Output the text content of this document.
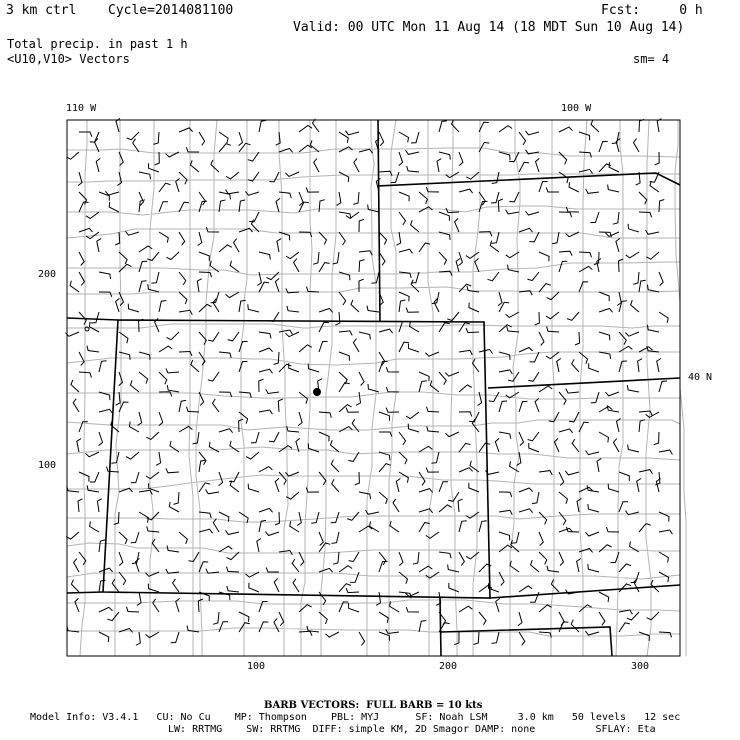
3 km ctrl Cycle=2014081100	Fcst:     0 h
Valid: 00 UTC Mon 11 Aug 14 (18 MDT Sun 10 Aug 14)
Total precip. in past 1 h
<U10,V10> Vectors	sm= 4
110 W	100 W
40 N
200
100
100	200	300
BARB VECTORS:  FULL BARB = 10 kts
Model Info: V3.4.1   CU: No Cu    MP: Thompson    PBL: MYJ      SF: Noah LSM     3.0 km   50 levels   12 sec
LW: RRTMG    SW: RRTMG  DIFF: simple KM, 2D Smagor DAMP: none          SFLAY: Eta
